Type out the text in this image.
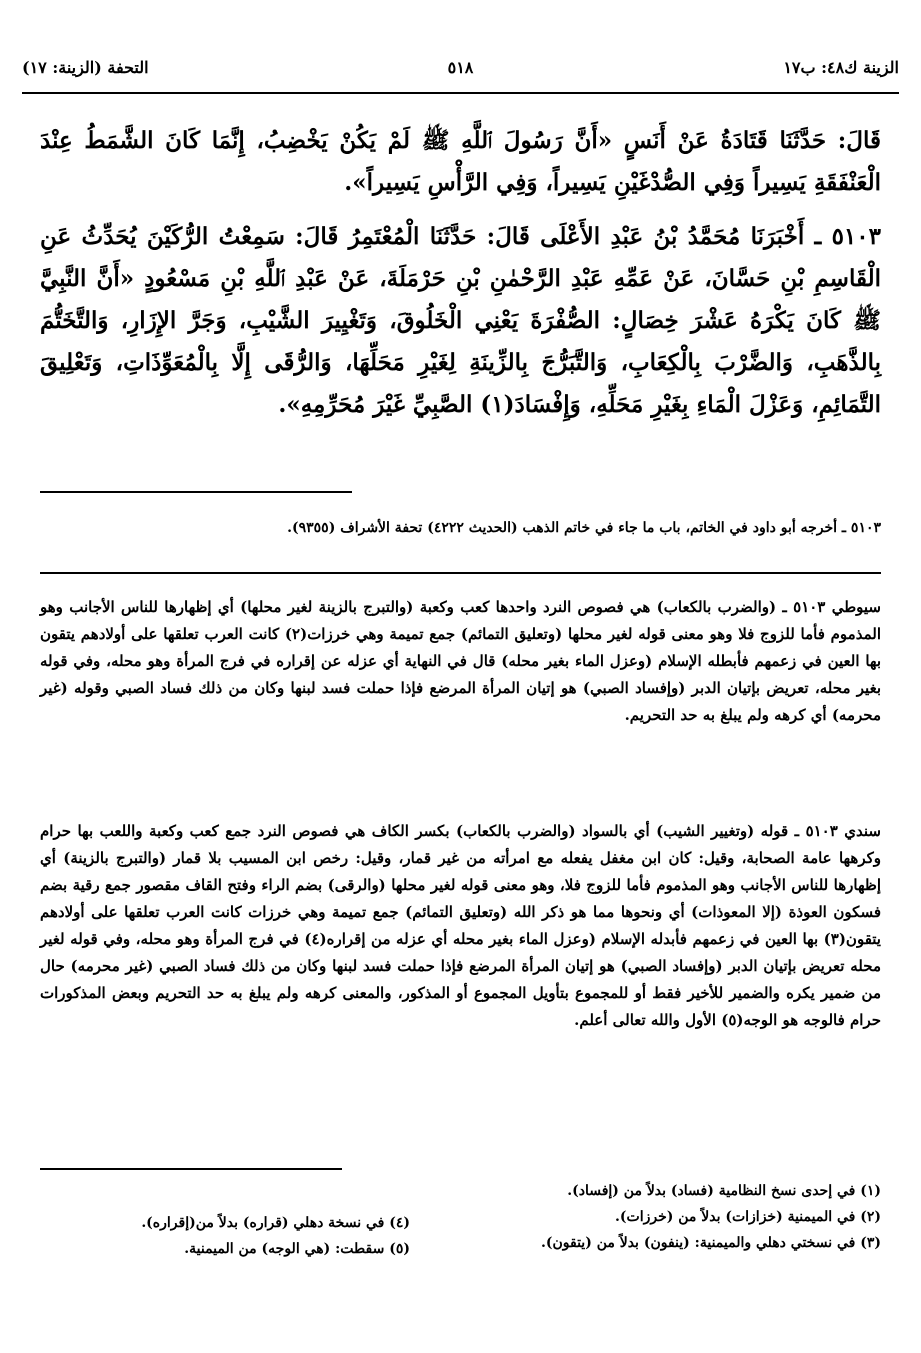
الزينة ك٤٨: ب١٧
٥١٨
التحفة (الزينة: ١٧)

قَالَ: حَدَّثَنَا قَتَادَةُ عَنْ أَنَسٍ «أَنَّ رَسُولَ ٱللَّهِ ﷺ لَمْ يَكُنْ يَخْضِبُ، إِنَّمَا كَانَ الشَّمَطُ عِنْدَ الْعَنْفَقَةِ يَسِيراً وَفِي الصُّدْغَيْنِ يَسِيراً، وَفِي الرَّأْسِ يَسِيراً».

٥١٠٣ ـ أَخْبَرَنَا مُحَمَّدُ بْنُ عَبْدِ الأَعْلَى قَالَ: حَدَّثَنَا الْمُعْتَمِرُ قَالَ: سَمِعْتُ الرُّكَيْنَ يُحَدِّثُ عَنِ الْقَاسِمِ بْنِ حَسَّانَ، عَنْ عَمِّهِ عَبْدِ الرَّحْمٰنِ بْنِ حَرْمَلَةَ، عَنْ عَبْدِ ٱللَّهِ بْنِ مَسْعُودٍ «أَنَّ النَّبِيَّ ﷺ كَانَ يَكْرَهُ عَشْرَ خِصَالٍ: الصُّفْرَةَ يَعْنِي الْخَلُوقَ، وَتَغْيِيرَ الشَّيْبِ، وَجَرَّ الإِزَارِ، وَالتَّخَتُّمَ بِالذَّهَبِ، وَالضَّرْبَ بِالْكِعَابِ، وَالتَّبَرُّجَ بِالزِّينَةِ لِغَيْرِ مَحَلِّهَا، وَالرُّقَى إِلَّا بِالْمُعَوِّذَاتِ، وَتَعْلِيقَ التَّمَائِمِ، وَعَزْلَ الْمَاءِ بِغَيْرِ مَحَلِّهِ، وَإِفْسَادَ(١) الصَّبِيِّ غَيْرَ مُحَرِّمِهِ».

٥١٠٣ ـ أخرجه أبو داود في الخاتم، باب ما جاء في خاتم الذهب (الحديث ٤٢٢٢) تحفة الأشراف (٩٣٥٥).
سيوطي ٥١٠٣ ـ (والضرب بالكعاب) هي فصوص النرد واحدها كعب وكعبة (والتبرج بالزينة لغير محلها) أي إظهارها للناس الأجانب وهو المذموم فأما للزوج فلا وهو معنى قوله لغير محلها (وتعليق التمائم) جمع تميمة وهي خرزات(٢) كانت العرب تعلقها على أولادهم يتقون بها العين في زعمهم فأبطله الإسلام (وعزل الماء بغير محله) قال في النهاية أي عزله عن إقراره في فرج المرأة وهو محله، وفي قوله بغير محله، تعريض بإتيان الدبر (وإفساد الصبي) هو إتيان المرأة المرضع فإذا حملت فسد لبنها وكان من ذلك فساد الصبي وقوله (غير محرمه) أي كرهه ولم يبلغ به حد التحريم.
سندي ٥١٠٣ ـ قوله (وتغيير الشيب) أي بالسواد (والضرب بالكعاب) بكسر الكاف هي فصوص النرد جمع كعب وكعبة واللعب بها حرام وكرهها عامة الصحابة، وقيل: كان ابن مغفل يفعله مع امرأته من غير قمار، وقيل: رخص ابن المسيب بلا قمار (والتبرج بالزينة) أي إظهارها للناس الأجانب وهو المذموم فأما للزوج فلا، وهو معنى قوله لغير محلها (والرقى) بضم الراء وفتح القاف مقصور جمع رقية بضم فسكون العوذة (إلا المعوذات) أي ونحوها مما هو ذكر الله (وتعليق التمائم) جمع تميمة وهي خرزات كانت العرب تعلقها على أولادهم يتقون(٣) بها العين في زعمهم فأبدله الإسلام (وعزل الماء بغير محله أي عزله من إقراره(٤) في فرج المرأة وهو محله، وفي قوله لغير محله تعريض بإتيان الدبر (وإفساد الصبي) هو إتيان المرأة المرضع فإذا حملت فسد لبنها وكان من ذلك فساد الصبي (غير محرمه) حال من ضمير يكره والضمير للأخير فقط أو للمجموع بتأويل المجموع أو المذكور، والمعنى كرهه ولم يبلغ به حد التحريم وبعض المذكورات حرام فالوجه هو الوجه(٥) الأول والله تعالى أعلم.
(١) في إحدى نسخ النظامية (فساد) بدلاً من (إفساد).
(٢) في الميمنية (خزازات) بدلاً من (خرزات).
(٣) في نسختي دهلي والميمنية: (ينفون) بدلاً من (يتقون).
(٤) في نسخة دهلي (قراره) بدلاً من(إقراره).
(٥) سقطت: (هي الوجه) من الميمنية.
